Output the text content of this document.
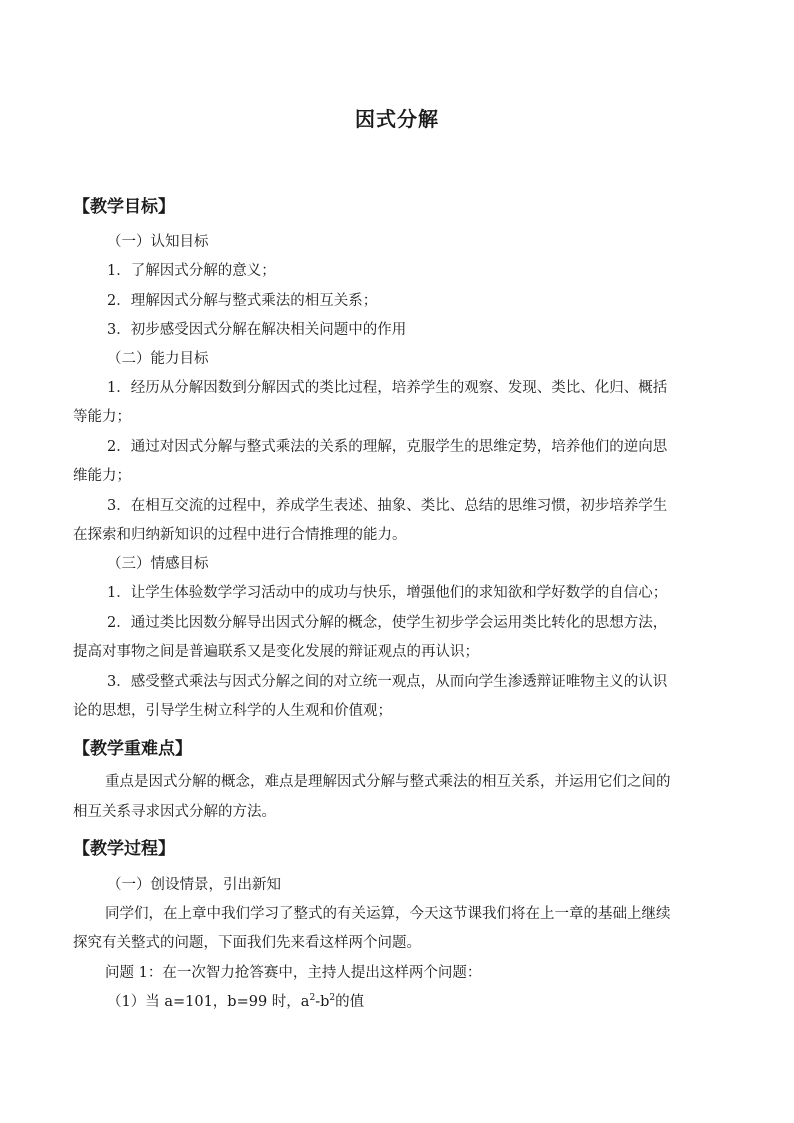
因式分解
【教学目标】
（一）认知目标
1．了解因式分解的意义；
2．理解因式分解与整式乘法的相互关系；
3．初步感受因式分解在解决相关问题中的作用
（二）能力目标
1．经历从分解因数到分解因式的类比过程，培养学生的观察、发现、类比、化归、概括
等能力；
2．通过对因式分解与整式乘法的关系的理解，克服学生的思维定势，培养他们的逆向思
维能力；
3．在相互交流的过程中，养成学生表述、抽象、类比、总结的思维习惯，初步培养学生
在探索和归纳新知识的过程中进行合情推理的能力。
（三）情感目标
1．让学生体验数学学习活动中的成功与快乐，增强他们的求知欲和学好数学的自信心；
2．通过类比因数分解导出因式分解的概念，使学生初步学会运用类比转化的思想方法，
提高对事物之间是普遍联系又是变化发展的辩证观点的再认识；
3．感受整式乘法与因式分解之间的对立统一观点，从而向学生渗透辩证唯物主义的认识
论的思想，引导学生树立科学的人生观和价值观；
【教学重难点】
重点是因式分解的概念，难点是理解因式分解与整式乘法的相互关系，并运用它们之间的
相互关系寻求因式分解的方法。
【教学过程】
（一）创设情景，引出新知
同学们，在上章中我们学习了整式的有关运算，今天这节课我们将在上一章的基础上继续
探究有关整式的问题，下面我们先来看这样两个问题。
问题 1：在一次智力抢答赛中，主持人提出这样两个问题：
（1）当 a=101，b=99 时，$a^2-b^2$的值
